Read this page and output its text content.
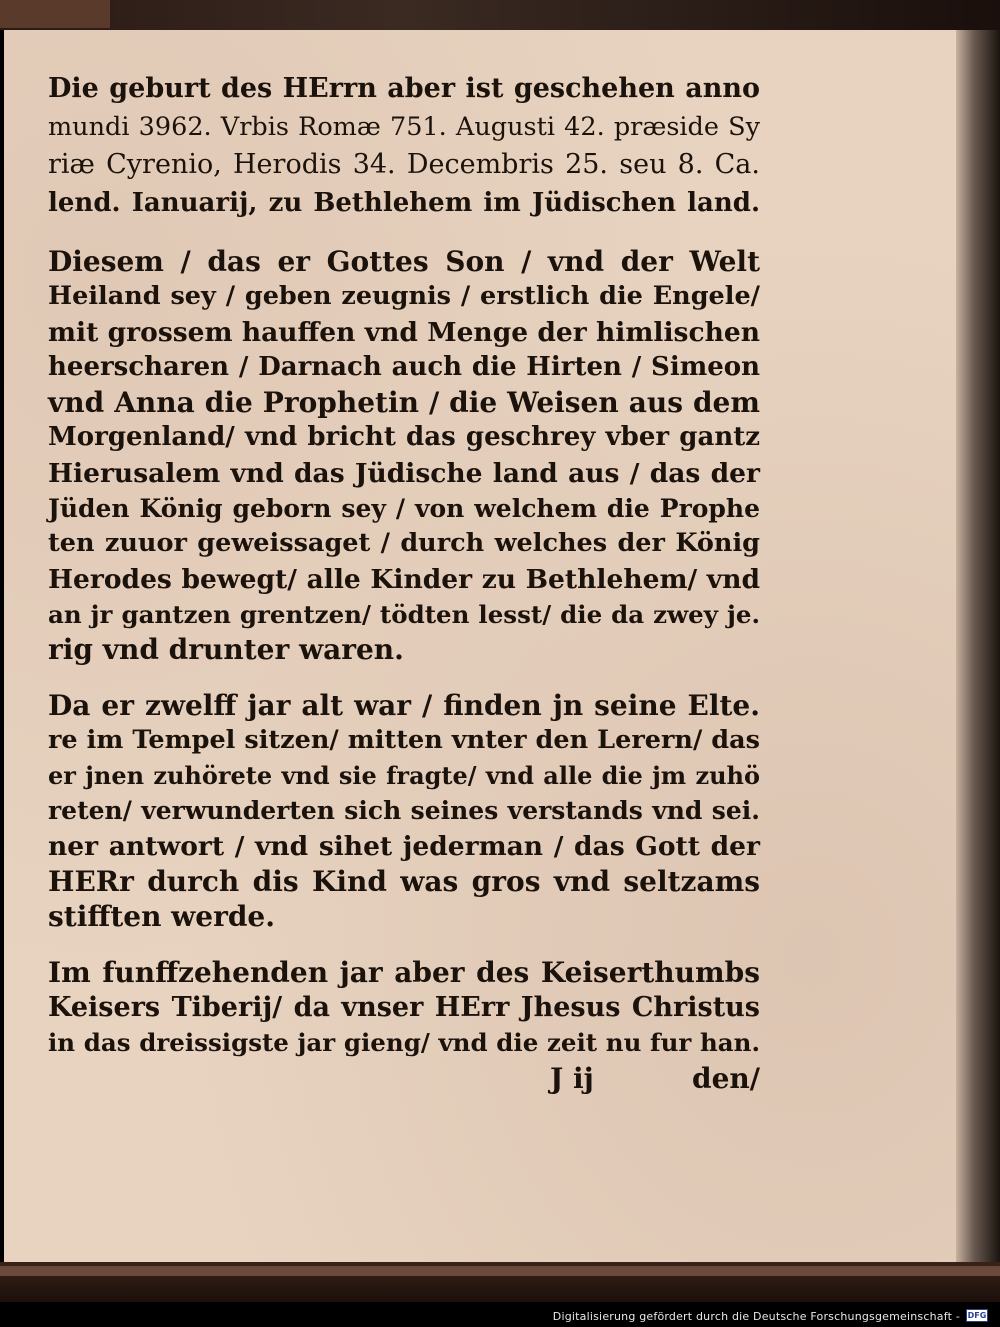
Die geburt des HErrn aber ist geschehen anno
mundi 3962. Vrbis Romæ 751. Augusti 42. præside Sy
riæ Cyrenio, Herodis 34. Decembris 25. seu 8. Ca.
lend. Ianuarij, zu Bethlehem im Jüdischen land.
Diesem / das er Gottes Son / vnd der Welt
Heiland sey / geben zeugnis / erstlich die Engele/
mit grossem hauffen vnd Menge der himlischen
heerscharen / Darnach auch die Hirten / Simeon
vnd Anna die Prophetin / die Weisen aus dem
Morgenland/ vnd bricht das geschrey vber gantz
Hierusalem vnd das Jüdische land aus / das der
Jüden König geborn sey / von welchem die Prophe
ten zuuor geweissaget / durch welches der König
Herodes bewegt/ alle Kinder zu Bethlehem/ vnd
an jr gantzen grentzen/ tödten lesst/ die da zwey je.
rig vnd drunter waren.
Da er zwelff jar alt war / finden jn seine Elte.
re im Tempel sitzen/ mitten vnter den Lerern/ das
er jnen zuhörete vnd sie fragte/ vnd alle die jm zuhö
reten/ verwunderten sich seines verstands vnd sei.
ner antwort / vnd sihet jederman / das Gott der
HERr durch dis Kind was gros vnd seltzams
stifften werde.
Im funffzehenden jar aber des Keiserthumbs
Keisers Tiberij/ da vnser HErr Jhesus Christus
in das dreissigste jar gieng/ vnd die zeit nu fur han.
J ij	den/
Digitalisierung gefördert durch die Deutsche Forschungsgemeinschaft - DFG
